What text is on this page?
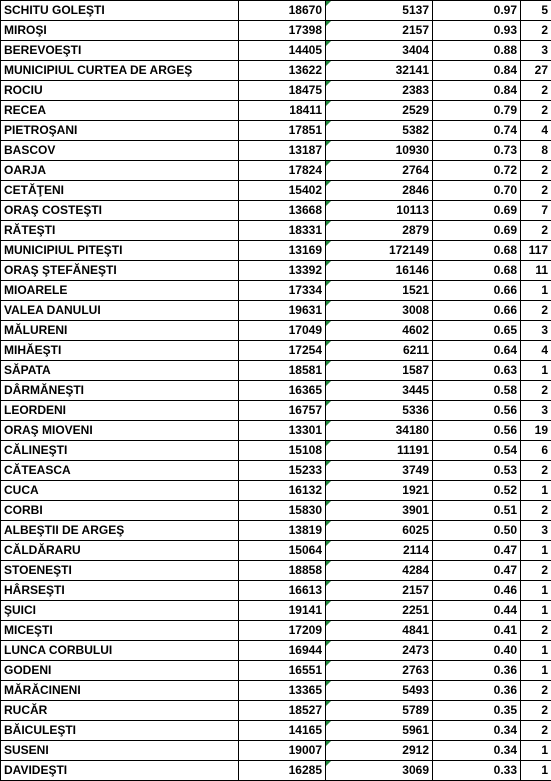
SCHITU GOLEŞTI	18670	5137	0.97	5
MIROŞI	17398	2157	0.93	2
BEREVOEŞTI	14405	3404	0.88	3
MUNICIPIUL CURTEA DE ARGEŞ	13622	32141	0.84	27
ROCIU	18475	2383	0.84	2
RECEA	18411	2529	0.79	2
PIETROŞANI	17851	5382	0.74	4
BASCOV	13187	10930	0.73	8
OARJA	17824	2764	0.72	2
CETĂŢENI	15402	2846	0.70	2
ORAŞ COSTEŞTI	13668	10113	0.69	7
RĂTEŞTI	18331	2879	0.69	2
MUNICIPIUL PITEŞTI	13169	172149	0.68	117
ORAŞ ŞTEFĂNEŞTI	13392	16146	0.68	11
MIOARELE	17334	1521	0.66	1
VALEA DANULUI	19631	3008	0.66	2
MĂLURENI	17049	4602	0.65	3
MIHĂEŞTI	17254	6211	0.64	4
SĂPATA	18581	1587	0.63	1
DÂRMĂNEŞTI	16365	3445	0.58	2
LEORDENI	16757	5336	0.56	3
ORAŞ MIOVENI	13301	34180	0.56	19
CĂLINEŞTI	15108	11191	0.54	6
CĂTEASCA	15233	3749	0.53	2
CUCA	16132	1921	0.52	1
CORBI	15830	3901	0.51	2
ALBEŞTII DE ARGEŞ	13819	6025	0.50	3
CĂLDĂRARU	15064	2114	0.47	1
STOENEŞTI	18858	4284	0.47	2
HÂRSEŞTI	16613	2157	0.46	1
ŞUICI	19141	2251	0.44	1
MICEŞTI	17209	4841	0.41	2
LUNCA CORBULUI	16944	2473	0.40	1
GODENI	16551	2763	0.36	1
MĂRĂCINENI	13365	5493	0.36	2
RUCĂR	18527	5789	0.35	2
BĂICULEŞTI	14165	5961	0.34	2
SUSENI	19007	2912	0.34	1
DAVIDEŞTI	16285	3069	0.33	1
